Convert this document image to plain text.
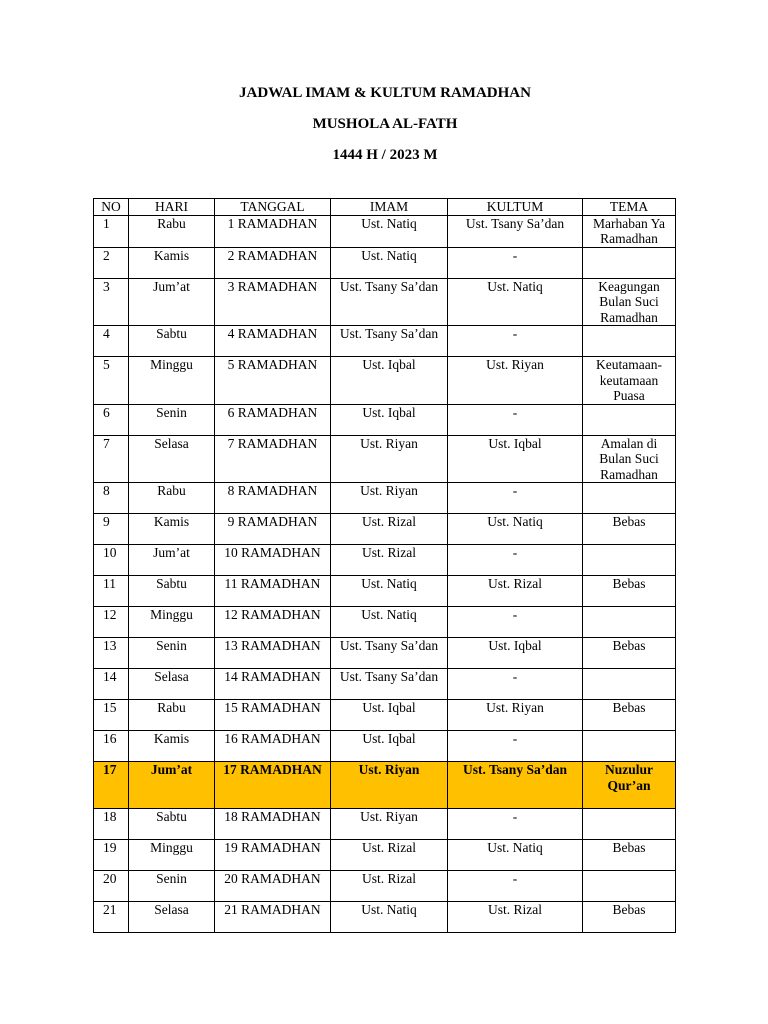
JADWAL IMAM & KULTUM RAMADHAN
MUSHOLA AL-FATH
1444 H / 2023 M
NO	HARI	TANGGAL	IMAM	KULTUM	TEMA
1	Rabu	1 RAMADHAN	Ust. Natiq	Ust. Tsany Sa’dan	Marhaban Ya Ramadhan
2	Kamis	2 RAMADHAN	Ust. Natiq	-	
3	Jum’at	3 RAMADHAN	Ust. Tsany Sa’dan	Ust. Natiq	Keagungan Bulan Suci Ramadhan
4	Sabtu	4 RAMADHAN	Ust. Tsany Sa’dan	-	
5	Minggu	5 RAMADHAN	Ust. Iqbal	Ust. Riyan	Keutamaan-keutamaan Puasa
6	Senin	6 RAMADHAN	Ust. Iqbal	-	
7	Selasa	7 RAMADHAN	Ust. Riyan	Ust. Iqbal	Amalan di Bulan Suci Ramadhan
8	Rabu	8 RAMADHAN	Ust. Riyan	-	
9	Kamis	9 RAMADHAN	Ust. Rizal	Ust. Natiq	Bebas
10	Jum’at	10 RAMADHAN	Ust. Rizal	-	
11	Sabtu	11 RAMADHAN	Ust. Natiq	Ust. Rizal	Bebas
12	Minggu	12 RAMADHAN	Ust. Natiq	-	
13	Senin	13 RAMADHAN	Ust. Tsany Sa’dan	Ust. Iqbal	Bebas
14	Selasa	14 RAMADHAN	Ust. Tsany Sa’dan	-	
15	Rabu	15 RAMADHAN	Ust. Iqbal	Ust. Riyan	Bebas
16	Kamis	16 RAMADHAN	Ust. Iqbal	-	
17	Jum’at	17 RAMADHAN	Ust. Riyan	Ust. Tsany Sa’dan	Nuzulur Qur’an
18	Sabtu	18 RAMADHAN	Ust. Riyan	-	
19	Minggu	19 RAMADHAN	Ust. Rizal	Ust. Natiq	Bebas
20	Senin	20 RAMADHAN	Ust. Rizal	-	
21	Selasa	21 RAMADHAN	Ust. Natiq	Ust. Rizal	Bebas
